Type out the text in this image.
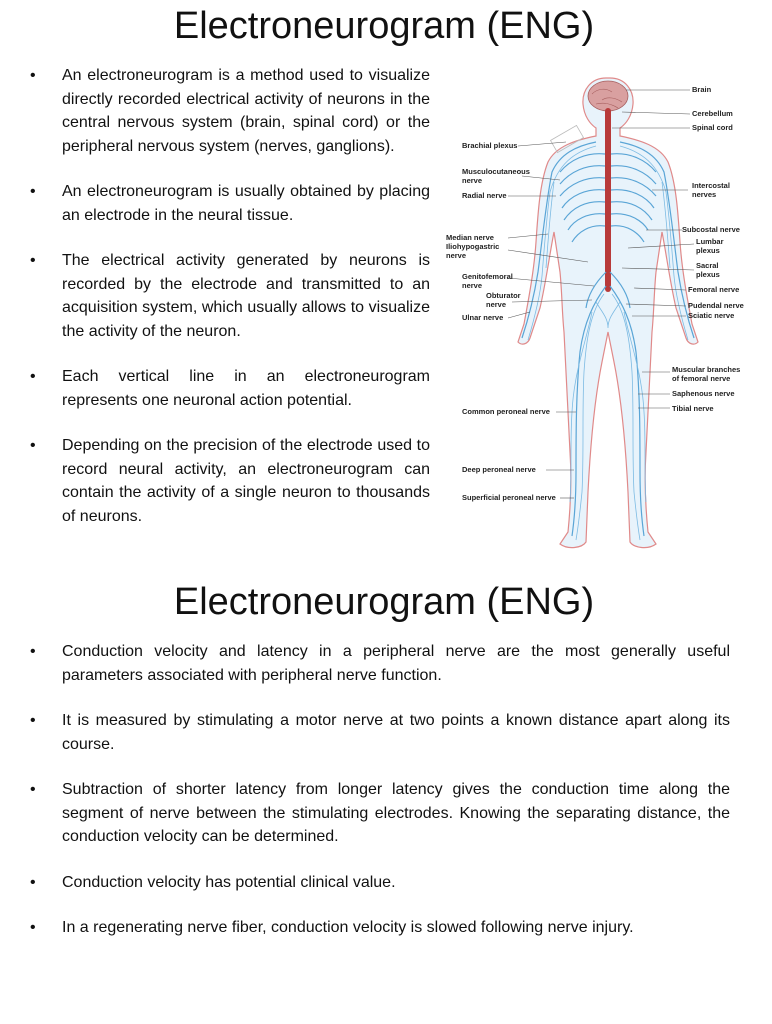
Electroneurogram (ENG)
• An electroneurogram is a method used to visualize directly recorded electrical activity of neurons in the central nervous system (brain, spinal cord) or the peripheral nervous system (nerves, ganglions).
• An electroneurogram is usually obtained by placing an electrode in the neural tissue.
• The electrical activity generated by neurons is recorded by the electrode and transmitted to an acquisition system, which usually allows to visualize the activity of the neuron.
• Each vertical line in an electroneurogram represents one neuronal action potential.
• Depending on the precision of the electrode used to record neural activity, an electroneurogram can contain the activity of a single neuron to thousands of neurons.
Brachial plexus
Musculocutaneous
nerve
Radial nerve
Median nerve
Iliohypogastric
nerve
Genitofemoral
nerve
Obturator
nerve
Ulnar nerve
Common peroneal nerve
Deep peroneal nerve
Superficial peroneal nerve
Brain
Cerebellum
Spinal cord
Intercostal
nerves
Subcostal nerve
Lumbar
plexus
Sacral
plexus
Femoral nerve
Pudendal nerve
Sciatic nerve
Muscular branches
of femoral nerve
Saphenous nerve
Tibial nerve
Electroneurogram (ENG)
• Conduction velocity and latency in a peripheral nerve are the most generally useful parameters associated with peripheral nerve function.
• It is measured by stimulating a motor nerve at two points a known distance apart along its course.
• Subtraction of shorter latency from longer latency gives the conduction time along the segment of nerve between the stimulating electrodes. Knowing the separating distance, the conduction velocity can be determined.
• Conduction velocity has potential clinical value.
• In a regenerating nerve fiber, conduction velocity is slowed following nerve injury.
